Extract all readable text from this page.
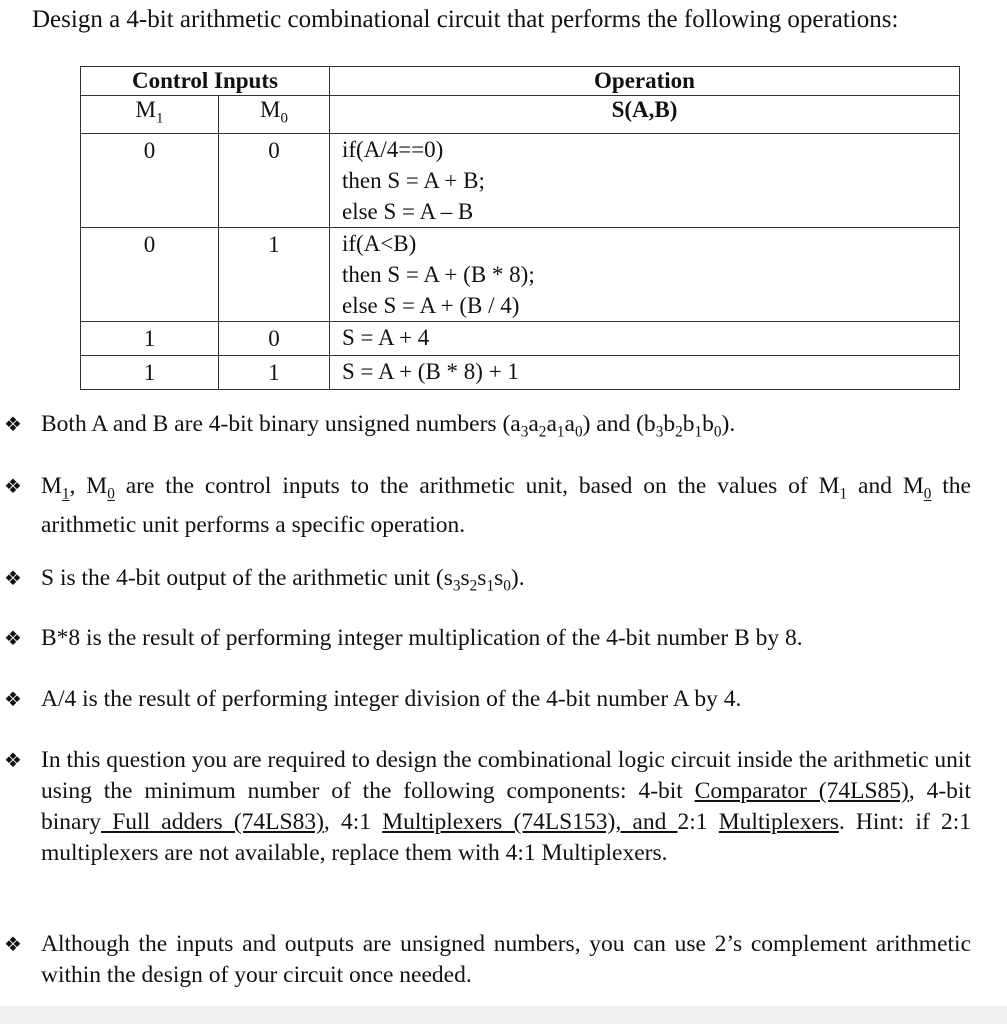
Design a 4-bit arithmetic combinational circuit that performs the following operations:
Control Inputs		Operation
$M_1$	$M_0$	S(A,B)
0	0	if(A/4==0)
then S = A + B;
else S = A – B

0	1	if(A<B)
then S = A + (B * 8);
else S = A + (B / 4)

1	0	S = A + 4

1	1	S = A + (B * 8) + 1
❖ Both A and B are 4-bit binary unsigned numbers $(a_3a_2a_1a_0)$ and $(b_3b_2b_1b_0)$.
❖ $M_1$, $M_0$ are the control inputs to the arithmetic unit, based on the values of $M_1$ and $M_0$ the arithmetic unit performs a specific operation.
❖ S is the 4-bit output of the arithmetic unit $(s_3s_2s_1s_0)$.
❖ B*8 is the result of performing integer multiplication of the 4-bit number B by 8.
❖ A/4 is the result of performing integer division of the 4-bit number A by 4.
❖ In this question you are required to design the combinational logic circuit inside the arithmetic unit using the minimum number of the following components: 4-bit Comparator (74LS85), 4-bit binary Full adders (74LS83), 4:1 Multiplexers (74LS153), and 2:1 Multiplexers. Hint: if 2:1 multiplexers are not available, replace them with 4:1 Multiplexers.
❖ Although the inputs and outputs are unsigned numbers, you can use 2’s complement arithmetic within the design of your circuit once needed.
